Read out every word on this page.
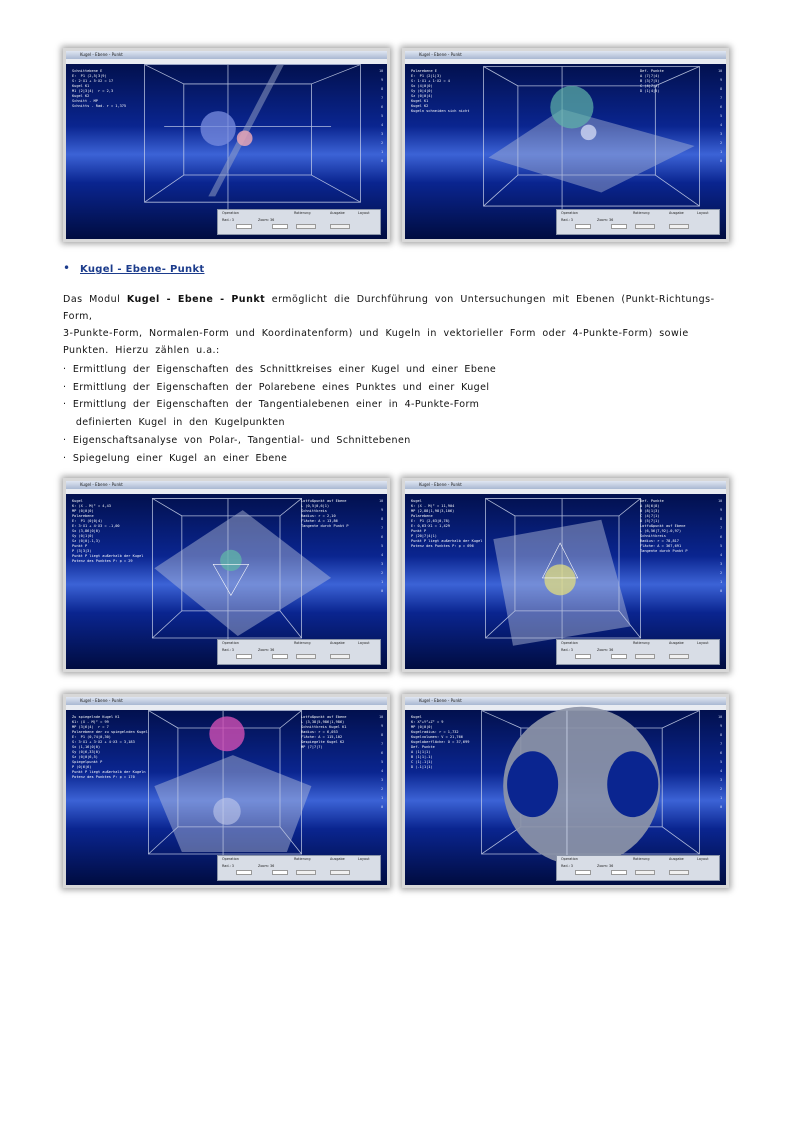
Kugel - Ebene - Punkt
Schnittebene E
E:  P1 (2,5|3|9)
S: 2·X1 + 5·X2 = 17
Kugel K1
M1 (2|3|4)  r = 2,3
Kugel K2
Schnitt - MP
Schnitts - Rad. r = 1,375
10
9
8
7
6
5
4
3
2
1
0
Operation
Rad.: 3	Zoom: 36
Rotierung	Ausgabe	Layout
Kugel - Ebene - Punkt
Polarebene E
E:  P1 (2|1|3)
S: 1·X1 + 1·X2 = 4
Sx (4|0|0)
Sy (0|4|0)
Sz (0|0|4)
Kugel K1
Kugel K2
Kugeln schneiden sich nicht
Def. Punkte
A (7|7|4)
B (3|7|5)
C (4|7|1)
D (1|4|5)
10
9
8
7
6
5
4
3
2
1
0
Operation
Rad.: 3	Zoom: 36
Rotierung	Ausgabe	Layout
• Kugel - Ebene- Punkt
Das Modul Kugel - Ebene - Punkt ermöglicht die Durchführung von Untersuchungen mit Ebenen (Punkt-Richtungs-Form,
3-Punkte-Form, Normalen-Form und Koordinatenform) und Kugeln in vektorieller Form oder 4-Punkte-Form) sowie
Punkten. Hierzu zählen u.a.:
· Ermittlung der Eigenschaften des Schnittkreises einer Kugel und einer Ebene
· Ermittlung der Eigenschaften der Polarebene eines Punktes und einer Kugel
· Ermittlung der Eigenschaften der Tangentialebenen einer in 4-Punkte-Form
definierten Kugel in den Kugelpunkten
· Eigenschaftsanalyse von Polar-, Tangential- und Schnittebenen
· Spiegelung einer Kugel an einer Ebene
Kugel - Ebene - Punkt
Kugel
K: (X - M)² = 4,43
MP (0|0|0)
Polarebene
E:  P1 (0|0|4)
E: 3·X1 + 4·X3 = -1,00
Sx (3,86|0|0)
Sy (0|1|0)
Sz (0|0|-1,3)
Punkt P
P (3|3|3)
Punkt P liegt außerhalb der Kugel
Potenz des Punktes P: p = 29
Lotfußpunkt auf Ebene
L (0,5|0,6|1)
Schnittkreis
Radius: r = 2,10
Fläche: A = 13,86
Tangente durch Punkt P
10
9
8
7
6
5
4
3
2
1
0
Operation
Rad.: 3	Zoom: 36
Rotierung	Ausgabe	Layout
Kugel - Ebene - Punkt
Kugel
K: (X - M)² = 11,904
MP (2,88|1,98|3,106)
Polarebene
E:  P1 (2,63|0,78)
E: 0,63·X1 = 1,429
Punkt P
P (20|7|4|1)
Punkt P liegt außerhalb der Kugel
Potenz des Punktes P: p = 696
Def. Punkte
A (8|6|8)
B (8|1|3)
C (4|7|1)
D (5|7|1)
Lotfußpunkt auf Ebene
L (6,56|7,92|-0,97)
Schnittkreis
Radius: r = 78,817
Fläche: A = 367,691
Tangente durch Punkt P
10
9
8
7
6
5
4
3
2
1
0
Operation
Rad.: 3	Zoom: 36
Rotierung	Ausgabe	Layout
Kugel - Ebene - Punkt
Zu spiegelnde Kugel K1
K1: (X - M)² = 99
MP (3|6|4)  r = 7
Polarebene der zu spiegelnden Kugel
E:  P1 (0,74|0,30)
S: 3·X1 + 3·X2 + 4·X3 = 3,183
Sx (1,16|0|0)
Sy (0|6,33|0)
Sz (0|0|6,5)
Spiegelpunkt P
P (0|6|6)
Punkt P liegt außerhalb der Kugeln
Potenz des Punktes P: p = 170
Lotfußpunkt auf Ebene
L (3,38|5,986|1,986)
Schnittkreis Kugel K1
Radius: r = 6,053
Fläche: A = 115,102
Gespiegelte Kugel K2
MP (7|7|7)
10
9
8
7
6
5
4
3
2
1
0
Operation
Rad.: 3	Zoom: 36
Rotierung	Ausgabe	Layout
Kugel - Ebene - Punkt
Kugel
K: X²+Y²+Z² = 9
MP (0|0|0)
Kugelradius: r = 1,732
Kugelvolumen: V = 21,766
Kugeloberfläche: O = 37,699
Def. Punkte
A (1|1|1)
B (1|1|-1)
C (1|-1|1)
D (-1|1|1)
10
9
8
7
6
5
4
3
2
1
0
Operation
Rad.: 3	Zoom: 36
Rotierung	Ausgabe	Layout
